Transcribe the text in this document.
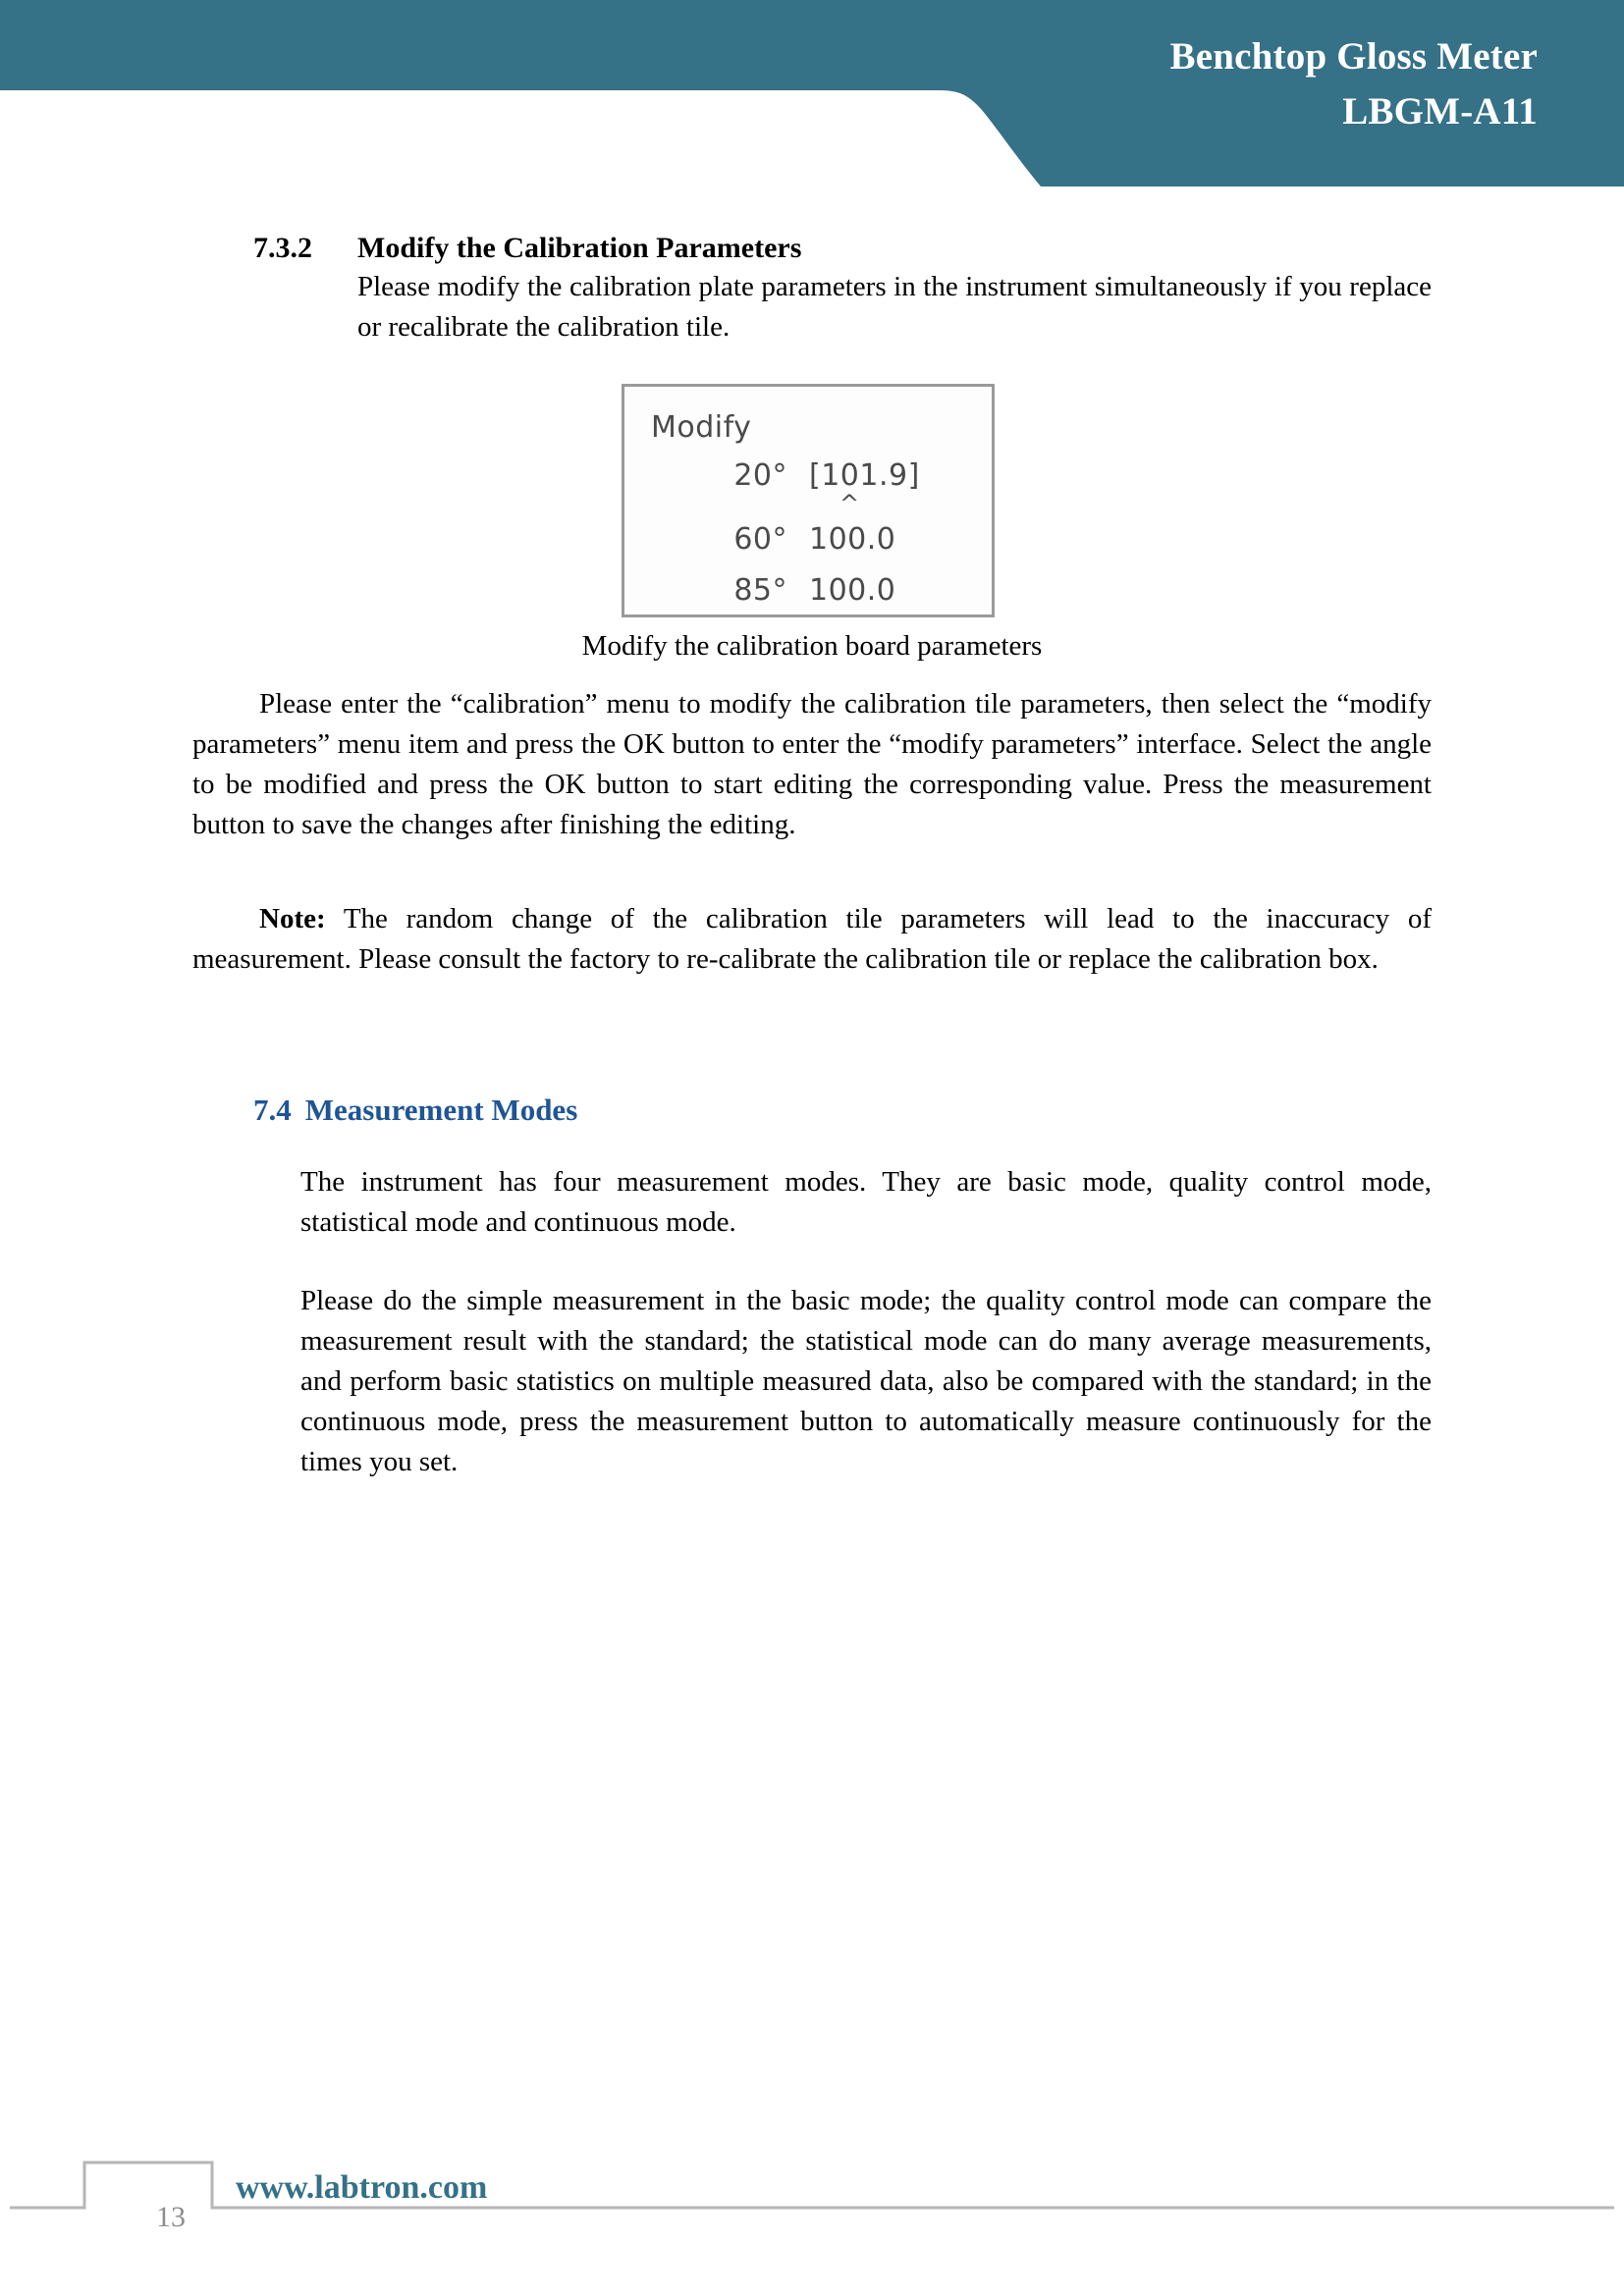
Benchtop Gloss Meter
LBGM-A11
7.3.2	Modify the Calibration Parameters
Please modify the calibration plate parameters in the instrument simultaneously if you replace or recalibrate the calibration tile.
Modify
20° [101.9]
^
60° 100.0
85° 100.0
Modify the calibration board parameters
Please enter the “calibration” menu to modify the calibration tile parameters, then select the “modify parameters” menu item and press the OK button to enter the “modify parameters” interface. Select the angle to be modified and press the OK button to start editing the corresponding value. Press the measurement button to save the changes after finishing the editing.
Note: The random change of the calibration tile parameters will lead to the inaccuracy of measurement. Please consult the factory to re-calibrate the calibration tile or replace the calibration box.
7.4 Measurement Modes
The instrument has four measurement modes. They are basic mode, quality control mode, statistical mode and continuous mode.
Please do the simple measurement in the basic mode; the quality control mode can compare the measurement result with the standard; the statistical mode can do many average measurements, and perform basic statistics on multiple measured data, also be compared with the standard; in the continuous mode, press the measurement button to automatically measure continuously for the times you set.
13
www.labtron.com
